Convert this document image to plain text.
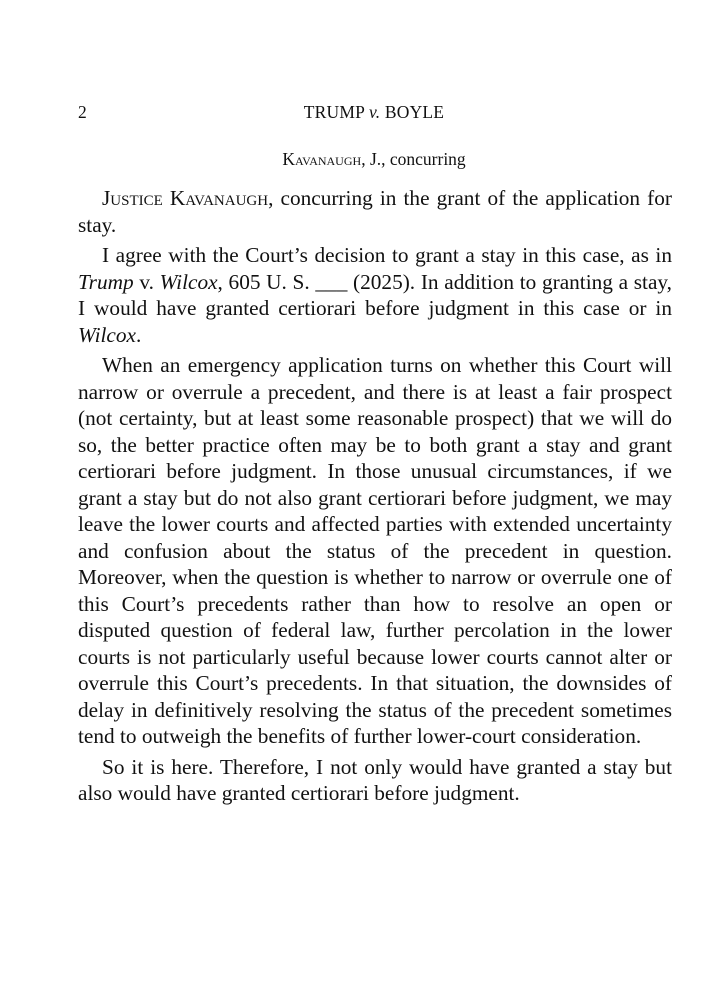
2	TRUMP v. BOYLE
Kavanaugh, J., concurring

Justice Kavanaugh, concurring in the grant of the application for stay.

I agree with the Court’s decision to grant a stay in this case, as in Trump v. Wilcox, 605 U. S. ___ (2025). In addition to granting a stay, I would have granted certiorari before judgment in this case or in Wilcox.

When an emergency application turns on whether this Court will narrow or overrule a precedent, and there is at least a fair prospect (not certainty, but at least some reasonable prospect) that we will do so, the better practice often may be to both grant a stay and grant certiorari before judgment. In those unusual circumstances, if we grant a stay but do not also grant certiorari before judgment, we may leave the lower courts and affected parties with extended uncertainty and confusion about the status of the precedent in question. Moreover, when the question is whether to narrow or overrule one of this Court’s precedents rather than how to resolve an open or disputed question of federal law, further percolation in the lower courts is not particularly useful because lower courts cannot alter or overrule this Court’s precedents. In that situation, the downsides of delay in definitively resolving the status of the precedent sometimes tend to outweigh the benefits of further lower-court consideration.

So it is here. Therefore, I not only would have granted a stay but also would have granted certiorari before judgment.
